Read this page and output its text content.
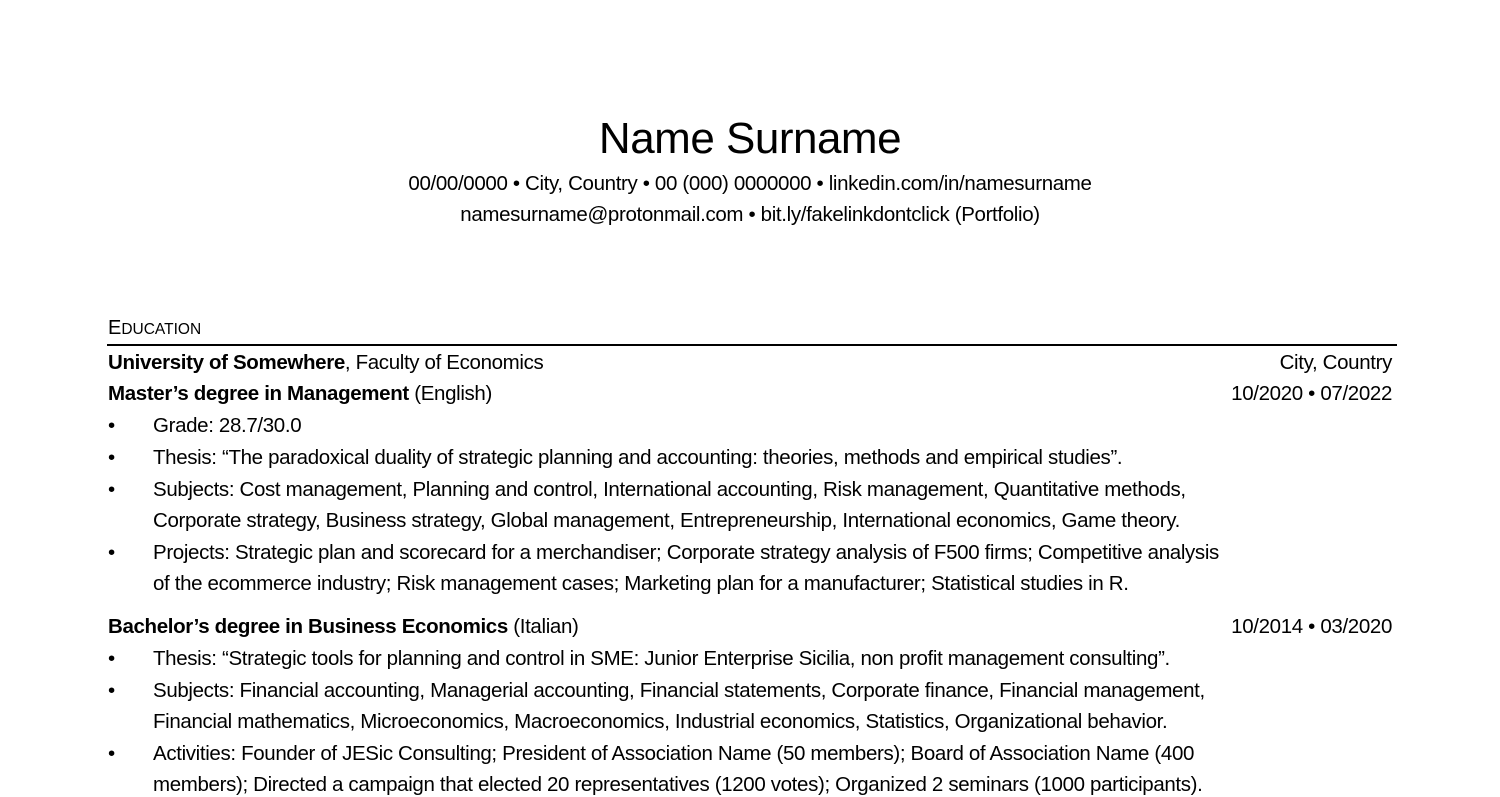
Name Surname
00/00/0000 • City, Country • 00 (000) 0000000 • linkedin.com/in/namesurname
namesurname@protonmail.com • bit.ly/fakelinkdontclick (Portfolio)
EDUCATION
University of Somewhere, Faculty of Economics	City, Country
Master’s degree in Management (English)	10/2020 • 07/2022
• Grade: 28.7/30.0
• Thesis: “The paradoxical duality of strategic planning and accounting: theories, methods and empirical studies”.
• Subjects: Cost management, Planning and control, International accounting, Risk management, Quantitative methods,
Corporate strategy, Business strategy, Global management, Entrepreneurship, International economics, Game theory.
• Projects: Strategic plan and scorecard for a merchandiser; Corporate strategy analysis of F500 firms; Competitive analysis
of the ecommerce industry; Risk management cases; Marketing plan for a manufacturer; Statistical studies in R.
Bachelor’s degree in Business Economics (Italian)	10/2014 • 03/2020
• Thesis: “Strategic tools for planning and control in SME: Junior Enterprise Sicilia, non profit management consulting”.
• Subjects: Financial accounting, Managerial accounting, Financial statements, Corporate finance, Financial management,
Financial mathematics, Microeconomics, Macroeconomics, Industrial economics, Statistics, Organizational behavior.
• Activities: Founder of JESic Consulting; President of Association Name (50 members); Board of Association Name (400
members); Directed a campaign that elected 20 representatives (1200 votes); Organized 2 seminars (1000 participants).
